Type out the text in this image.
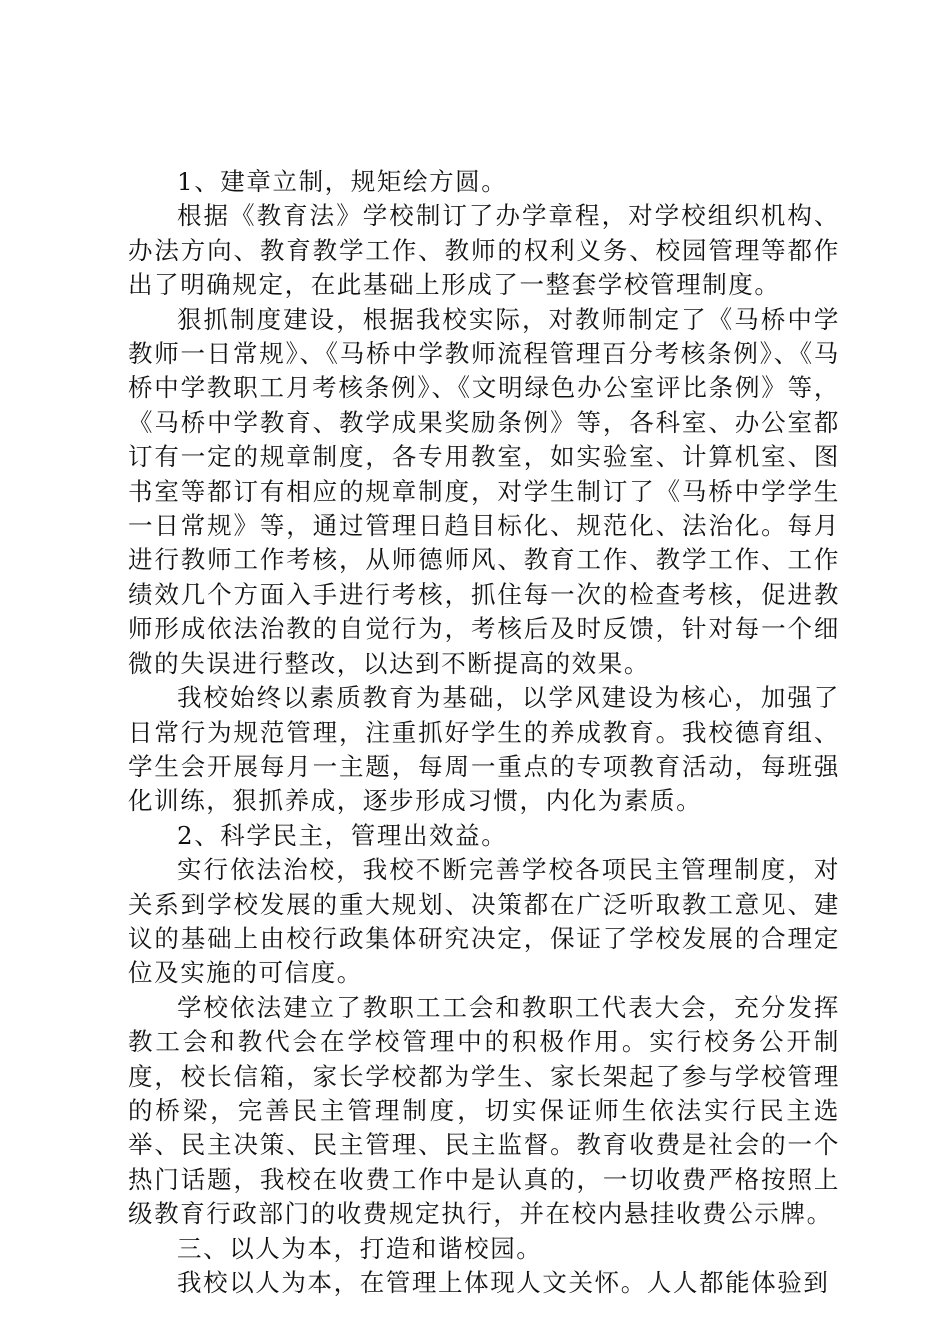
1、建章立制，规矩绘方圆。

根据《教育法》学校制订了办学章程，对学校组织机构、办法方向、教育教学工作、教师的权利义务、校园管理等都作出了明确规定，在此基础上形成了一整套学校管理制度。

狠抓制度建设，根据我校实际，对教师制定了《马桥中学教师一日常规》、《马桥中学教师流程管理百分考核条例》、《马桥中学教职工月考核条例》、《文明绿色办公室评比条例》等，《马桥中学教育、教学成果奖励条例》等，各科室、办公室都订有一定的规章制度，各专用教室，如实验室、计算机室、图书室等都订有相应的规章制度，对学生制订了《马桥中学学生一日常规》等，通过管理日趋目标化、规范化、法治化。每月进行教师工作考核，从师德师风、教育工作、教学工作、工作绩效几个方面入手进行考核，抓住每一次的检查考核，促进教师形成依法治教的自觉行为，考核后及时反馈，针对每一个细微的失误进行整改，以达到不断提高的效果。

我校始终以素质教育为基础，以学风建设为核心，加强了日常行为规范管理，注重抓好学生的养成教育。我校德育组、学生会开展每月一主题，每周一重点的专项教育活动，每班强化训练，狠抓养成，逐步形成习惯，内化为素质。

2、科学民主，管理出效益。

实行依法治校，我校不断完善学校各项民主管理制度，对关系到学校发展的重大规划、决策都在广泛听取教工意见、建议的基础上由校行政集体研究决定，保证了学校发展的合理定位及实施的可信度。

学校依法建立了教职工工会和教职工代表大会，充分发挥教工会和教代会在学校管理中的积极作用。实行校务公开制度，校长信箱，家长学校都为学生、家长架起了参与学校管理的桥梁，完善民主管理制度，切实保证师生依法实行民主选举、民主决策、民主管理、民主监督。教育收费是社会的一个热门话题，我校在收费工作中是认真的，一切收费严格按照上级教育行政部门的收费规定执行，并在校内悬挂收费公示牌。

三、以人为本，打造和谐校园。

我校以人为本，在管理上体现人文关怀。人人都能体验到
